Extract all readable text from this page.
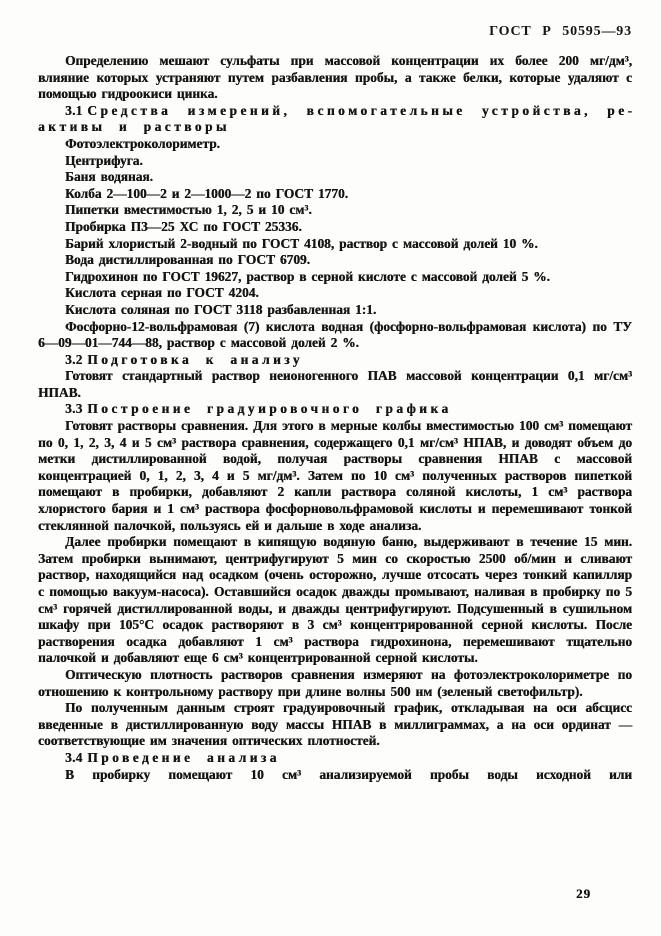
ГОСТ Р 50595—93

Определению мешают сульфаты при массовой концентрации их более 200 мг/дм³, влияние которых устраняют путем разбавления пробы, а также белки, которые удаляют с помощью гидроокиси цинка.

3.1 Средства измерений, вспомогательные устройства, реактивы и растворы

Фотоэлектроколориметр.

Центрифуга.

Баня водяная.

Колба 2—100—2 и 2—1000—2 по ГОСТ 1770.

Пипетки вместимостью 1, 2, 5 и 10 см³.

Пробирка П3—25 ХС по ГОСТ 25336.

Барий хлористый 2-водный по ГОСТ 4108, раствор с массовой долей 10 %.

Вода дистиллированная по ГОСТ 6709.

Гидрохинон по ГОСТ 19627, раствор в серной кислоте с массовой долей 5 %.

Кислота серная по ГОСТ 4204.

Кислота соляная по ГОСТ 3118 разбавленная 1:1.

Фосфорно-12-вольфрамовая (7) кислота водная (фосфорно-вольфрамовая кислота) по ТУ 6—09—01—744—88, раствор с массовой долей 2 %.

3.2 Подготовка к анализу

Готовят стандартный раствор неионогенного ПАВ массовой концентрации 0,1 мг/см³ НПАВ.

3.3 Построение градуировочного графика

Готовят растворы сравнения. Для этого в мерные колбы вместимостью 100 см³ помещают по 0, 1, 2, 3, 4 и 5 см³ раствора сравнения, содержащего 0,1 мг/см³ НПАВ, и доводят объем до метки дистиллированной водой, получая растворы сравнения НПАВ с массовой концентрацией 0, 1, 2, 3, 4 и 5 мг/дм³. Затем по 10 см³ полученных растворов пипеткой помещают в пробирки, добавляют 2 капли раствора соляной кислоты, 1 см³ раствора хлористого бария и 1 см³ раствора фосфорновольфрамовой кислоты и перемешивают тонкой стеклянной палочкой, пользуясь ей и дальше в ходе анализа.

Далее пробирки помещают в кипящую водяную баню, выдерживают в течение 15 мин. Затем пробирки вынимают, центрифугируют 5 мин со скоростью 2500 об/мин и сливают раствор, находящийся над осадком (очень осторожно, лучше отсосать через тонкий капилляр с помощью вакуум-насоса). Оставшийся осадок дважды промывают, наливая в пробирку по 5 см³ горячей дистиллированной воды, и дважды центрифугируют. Подсушенный в сушильном шкафу при 105°С осадок растворяют в 3 см³ концентрированной серной кислоты. После растворения осадка добавляют 1 см³ раствора гидрохинона, перемешивают тщательно палочкой и добавляют еще 6 см³ концентрированной серной кислоты.

Оптическую плотность растворов сравнения измеряют на фотоэлектроколориметре по отношению к контрольному раствору при длине волны 500 нм (зеленый светофильтр).

По полученным данным строят градуировочный график, откладывая на оси абсцисс введенные в дистиллированную воду массы НПАВ в миллиграммах, а на оси ординат — соответствующие им значения оптических плотностей.

3.4 Проведение анализа

В пробирку помещают 10 см³ анализируемой пробы воды исходной или

29
